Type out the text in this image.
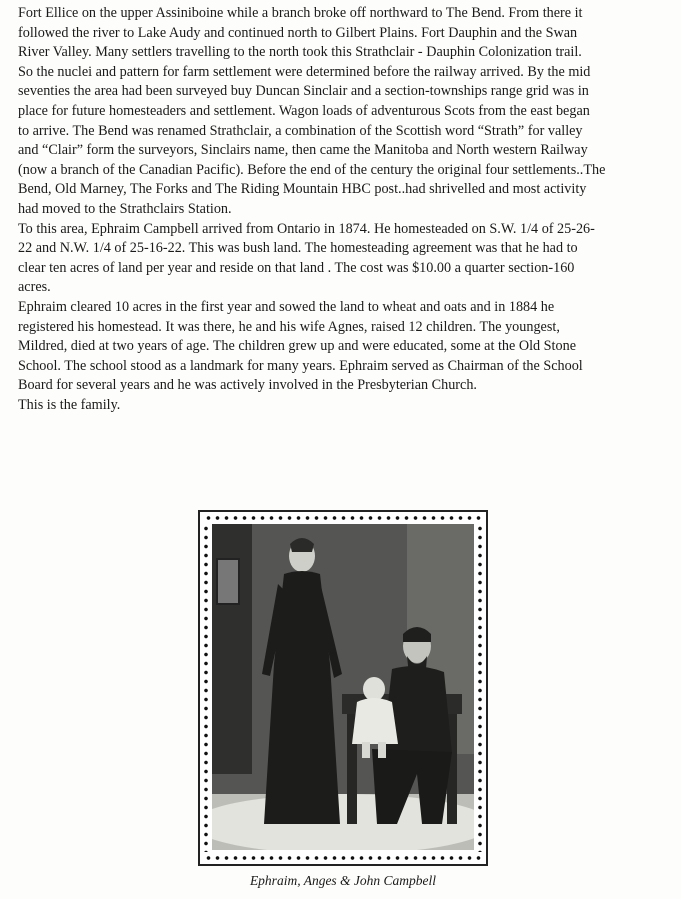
Fort Ellice on the upper Assiniboine while a branch broke off northward to The Bend. From there it
followed the river to Lake Audy and continued north to Gilbert Plains. Fort Dauphin and the Swan
River Valley. Many settlers travelling to the north took this Strathclair - Dauphin Colonization trail.
So the nuclei and pattern for farm settlement were determined before the railway arrived. By the mid
seventies the area had been surveyed buy Duncan Sinclair and a section-townships range grid was in
place for future homesteaders and settlement. Wagon loads of adventurous Scots from the east began
to arrive. The Bend was renamed Strathclair, a combination of the Scottish word “Strath” for valley
and “Clair” form the surveyors, Sinclairs name, then came the Manitoba and North western Railway
(now a branch of the Canadian Pacific). Before the end of the century the original four settlements..The
Bend, Old Marney, The Forks and The Riding Mountain HBC post..had shrivelled and most activity
had moved to the Strathclairs Station.

To this area, Ephraim Campbell arrived from Ontario in 1874. He homesteaded on S.W. 1/4 of 25-26-
22 and N.W. 1/4 of 25-16-22. This was bush land. The homesteading agreement was that he had to
clear ten acres of land per year and reside on that land . The cost was $10.00 a quarter section-160
acres.

Ephraim cleared 10 acres in the first year and sowed the land to wheat and oats and in 1884 he
registered his homestead. It was there, he and his wife Agnes, raised 12 children. The youngest,
Mildred, died at two years of age. The children grew up and were educated, some at the Old Stone
School. The school stood as a landmark for many years. Ephraim served as Chairman of the School
Board for several years and he was actively involved in the Presbyterian Church.

This is the family.

Ephraim, Anges & John Campbell
